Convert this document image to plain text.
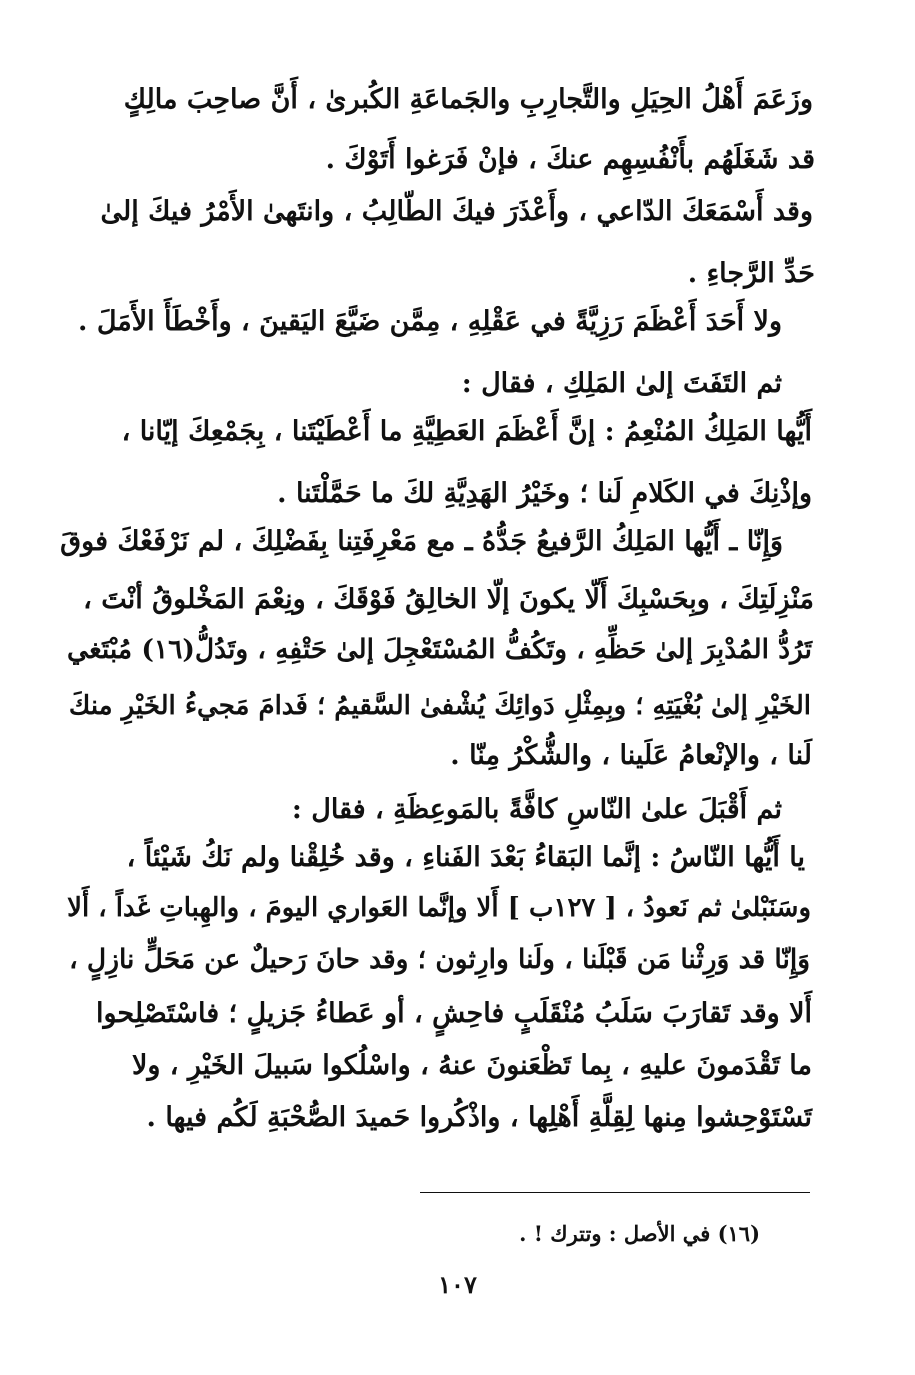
وزَعَمَ أَهْلُ الحِيَلِ والتَّجارِبِ والجَماعَةِ الكُبرىٰ ، أَنَّ صاحِبَ مالِكٍ
قد شَغَلَهُم بأَنْفُسِهِم عنكَ ، فإنْ فَرَغوا أَتَوْكَ .
وقد أَسْمَعَكَ الدّاعي ، وأَعْذَرَ فيكَ الطّالِبُ ، وانتَهىٰ الأَمْرُ فيكَ إلىٰ
حَدِّ الرَّجاءِ .
ولا أَحَدَ أَعْظَمَ رَزِيَّةً في عَقْلِهِ ، مِمَّن ضَيَّعَ اليَقينَ ، وأَخْطَأَ الأَمَلَ .
ثم التَفَتَ إلىٰ المَلِكِ ، فقال :
أَيُّها المَلِكُ المُنْعِمُ : إنَّ أَعْظَمَ العَطِيَّةِ ما أَعْطَيْتَنا ، بِجَمْعِكَ إيّانا ،
وإذْنِكَ في الكَلامِ لَنا ؛ وخَيْرُ الهَدِيَّةِ لكَ ما حَمَّلْتَنا .
وَإِنّا ـ أَيُّها المَلِكُ الرَّفيعُ جَدُّهُ ـ مع مَعْرِفَتِنا بِفَضْلِكَ ، لم نَرْفَعْكَ فوقَ
مَنْزِلَتِكَ ، وبِحَسْبِكَ أَلّا يكونَ إلّا الخالِقُ فَوْقَكَ ، ونِعْمَ المَخْلوقُ أنْتَ ،
تَرُدُّ المُدْبِرَ إلىٰ حَظِّهِ ، وتَكُفُّ المُسْتَعْجِلَ إلىٰ حَتْفِهِ ، وتَدُلُّ(١٦) مُبْتَغي
الخَيْرِ إلىٰ بُغْيَتِهِ ؛ وبِمِثْلِ دَوائِكَ يُشْفىٰ السَّقيمُ ؛ فَدامَ مَجيءُ الخَيْرِ منكَ
لَنا ، والإنْعامُ عَلَينا ، والشُّكْرُ مِنّا .
ثم أَقْبَلَ علىٰ النّاسِ كافَّةً بالمَوعِظَةِ ، فقال :
يا أَيُّها النّاسُ : إنَّما البَقاءُ بَعْدَ الفَناءِ ، وقد خُلِقْنا ولم نَكُ شَيْئاً ،
وسَنَبْلىٰ ثم نَعودُ ، [ ١٢٧ب ] أَلا وإنَّما العَواري اليومَ ، والهِباتِ غَداً ، أَلا
وَإِنّا قد وَرِثْنا مَن قَبْلَنا ، ولَنا وارِثون ؛ وقد حانَ رَحيلٌ عن مَحَلٍّ نازِلٍ ،
أَلا وقد تَقارَبَ سَلَبُ مُنْقَلَبٍ فاحِشٍ ، أو عَطاءُ جَزيلٍ ؛ فاسْتَصْلِحوا
ما تَقْدَمونَ عليهِ ، بِما تَظْعَنونَ عنهُ ، واسْلُكوا سَبيلَ الخَيْرِ ، ولا
تَسْتَوْحِشوا مِنها لِقِلَّةِ أَهْلِها ، واذْكُروا حَميدَ الصُّحْبَةِ لَكُم فيها .
(١٦) في الأصل : وتترك ! .
١٠٧
